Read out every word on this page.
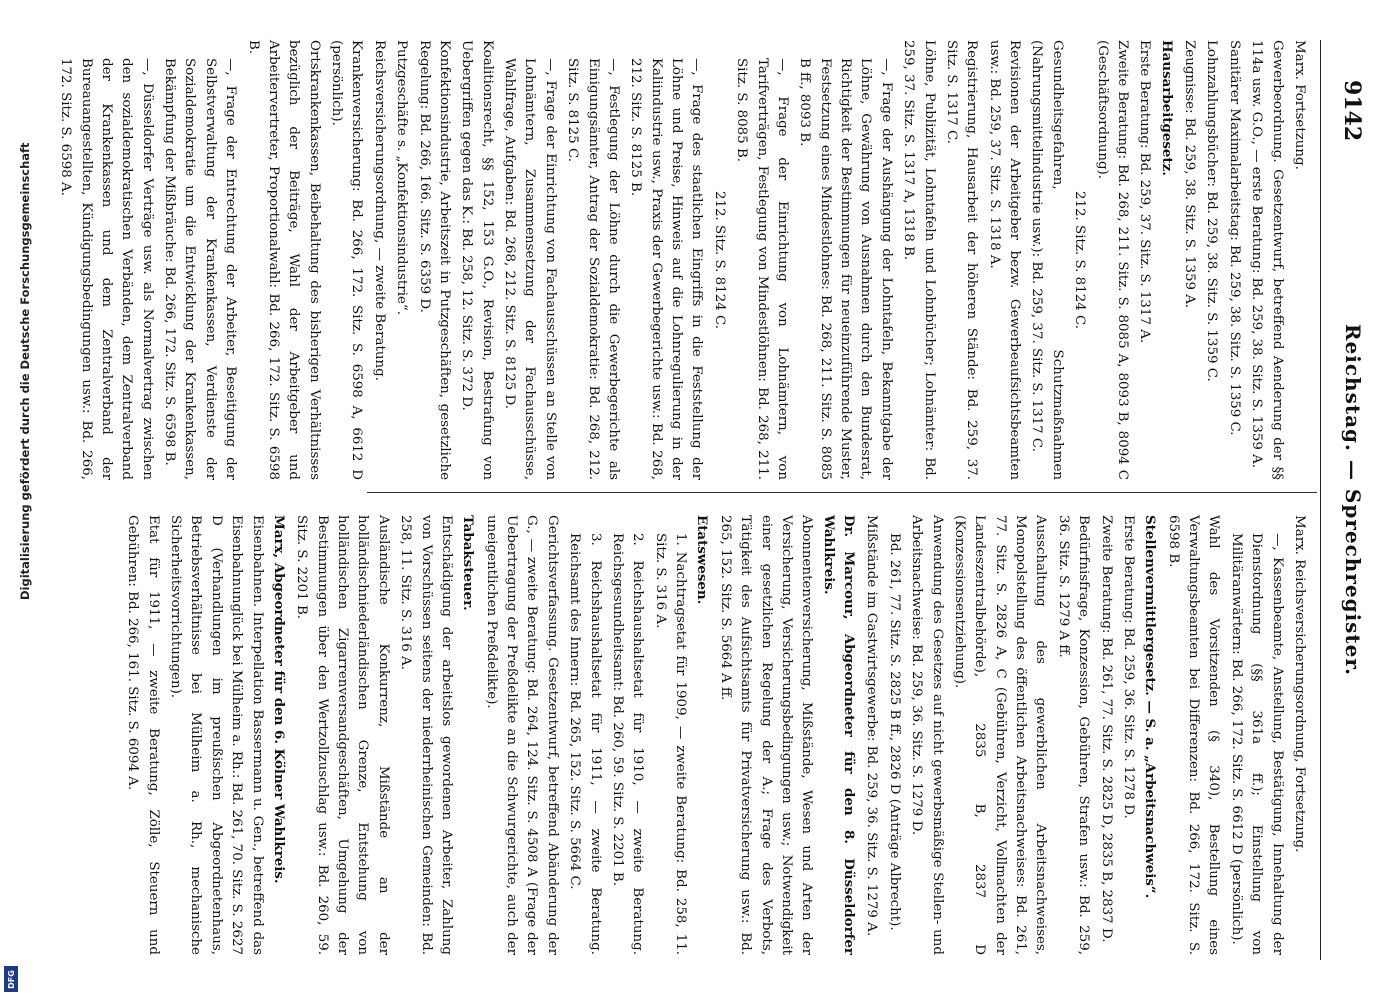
9142
Reichstag. — Sprechregister.

Marx. Fortsetzung.

Gewerbeordnung. Gesetzentwurf, betreffend Aenderung der §§ 114a usw. G.O., — erste Beratung: Bd. 259, 38. Sitz. S. 1359 A.

Sanitärer Maximalarbeitstag: Bd. 259, 38. Sitz. S. 1359 C.

Lohnzahlungsbücher: Bd. 259, 38. Sitz. S. 1359 C.

Zeugnisse: Bd. 259, 38. Sitz. S. 1359 A.

Hausarbeitgesetz.

Erste Beratung: Bd. 259, 37. Sitz. S. 1317 A.

Zweite Beratung: Bd. 268, 211. Sitz. S. 8085 A, 8093 B, 8094 C (Geschäftsordnung).

212. Sitz. S. 8124 C.

Gesundheitsgefahren, Schutzmaßnahmen (Nahrungsmittelindustrie usw.): Bd. 259, 37. Sitz. S. 1317 C.

Revisionen der Arbeitgeber bezw. Gewerbeaufsichtsbeamten usw.: Bd. 259, 37. Sitz. S. 1318 A.

Registrierung, Hausarbeit der höheren Stände: Bd. 259, 37. Sitz. S. 1317 C.

Löhne, Publizität, Lohntafeln und Lohnbücher; Lohnämter: Bd. 259, 37. Sitz. S. 1317 A, 1318 B.

—, Frage der Aushängung der Lohntafeln, Bekanntgabe der Löhne, Gewährung von Ausnahmen durch den Bundesrat, Richtigkeit der Bestimmungen für neueinzuführende Muster, Festsetzung eines Mindestlohnes: Bd. 268, 211. Sitz. S. 8085 B ff., 8093 B.

—, Frage der Einrichtung von Lohnämtern, von Tarifverträgen, Festlegung von Mindestlöhnen: Bd. 268, 211. Sitz. S. 8085 B.

212. Sitz. S. 8124 C.

—, Frage des staatlichen Eingriffs in die Feststellung der Löhne und Preise, Hinweis auf die Lohnregulierung in der Kaliindustrie usw., Praxis der Gewerbegerichte usw.: Bd. 268, 212. Sitz. S. 8125 B.

—, Festlegung der Löhne durch die Gewerbegerichte als Einigungsämter, Antrag der Sozialdemokratie: Bd. 268, 212. Sitz. S. 8125 C.

—, Frage der Einrichtung von Fachausschüssen an Stelle von Lohnämtern, Zusammensetzung der Fachausschüsse, Wahlfrage, Aufgaben: Bd. 268, 212. Sitz. S. 8125 D.

Koalitionsrecht, §§ 152, 153 G.O., Revision, Bestrafung von Uebergriffen gegen das K.: Bd. 258, 12. Sitz. S. 372 D.

Konfektionsindustrie, Arbeitszeit in Putzgeschäften, gesetzliche Regelung: Bd. 266, 166. Sitz. S. 6359 D.

Putzgeschäfte s. „Konfektionsindustrie“.

Reichsversicherungsordnung, — zweite Beratung.

Krankenversicherung: Bd. 266, 172. Sitz. S. 6598 A, 6612 D (persönlich).

Ortskrankenkassen, Beibehaltung des bisherigen Verhältnisses bezüglich der Beiträge, Wahl der Arbeitgeber und Arbeitervertreter, Proportionalwahl: Bd. 266, 172. Sitz. S. 6598 B.

—, Frage der Entrechtung der Arbeiter, Beseitigung der Selbstverwaltung der Krankenkassen, Verdienste der Sozialdemokratie um die Entwicklung der Krankenkassen, Bekämpfung der Mißbräuche: Bd. 266, 172. Sitz. S. 6598 B.

—, Düsseldorfer Verträge usw. als Normalvertrag zwischen den sozialdemokratischen Verbänden, dem Zentralverband der Krankenkassen und dem Zentralverband der Bureauangestellten, Kündigungsbedingungen usw.: Bd. 266, 172. Sitz. S. 6598 A.

Marx. Reichsversicherungsordnung, Fortsetzung.

—, Kassenbeamte, Anstellung, Bestätigung, Innehaltung der Dienstordnung (§§ 361a ff.); Einstellung von Militäranwärtern: Bd. 266, 172. Sitz. S. 6612 D (persönlich).

Wahl des Vorsitzenden (§ 340), Bestellung eines Verwaltungsbeamten bei Differenzen: Bd. 266, 172. Sitz. S. 6598 B.

Stellenvermittlergesetz. — S. a. „Arbeitsnachweis“.

Erste Beratung: Bd. 259, 36. Sitz. S. 1278 D.

Zweite Beratung: Bd. 261, 77. Sitz. S. 2825 D, 2835 B, 2837 D.

Bedürfnisfrage, Konzession, Gebühren, Strafen usw.: Bd. 259, 36. Sitz. S. 1279 A ff.

Ausschaltung des gewerblichen Arbeitsnachweises, Monopolstellung des öffentlichen Arbeitsnachweises: Bd. 261, 77. Sitz. S. 2826 A, C (Gebühren, Verzicht, Vollmachten der Landeszentralbehörde), 2835 B, 2837 D (Konzessionsentziehung).

Anwendung des Gesetzes auf nicht gewerbsmäßige Stellen- und Arbeitsnachweise: Bd. 259, 36. Sitz. S. 1279 D.

Bd. 261, 77. Sitz. S. 2825 B ff., 2826 D (Anträge Albrecht).

Mißstände im Gastwirtsgewerbe: Bd. 259, 36. Sitz. S. 1279 A.

Dr. Marcour, Abgeordneter für den 8. Düsseldorfer Wahlkreis.

Abonnentenversicherung, Mißstände, Wesen und Arten der Versicherung, Versicherungsbedingungen usw.; Notwendigkeit einer gesetzlichen Regelung der A.; Frage des Verbots, Tätigkeit des Aufsichtsamts für Privatversicherung usw.: Bd. 265, 152. Sitz. S. 5664 A ff.

Etatswesen.

1. Nachtragsetat für 1909, — zweite Beratung: Bd. 258, 11. Sitz. S. 316 A.

2. Reichshaushaltsetat für 1910, — zweite Beratung. Reichsgesundheitsamt: Bd. 260, 59. Sitz. S. 2201 B.

3. Reichshaushaltsetat für 1911, — zweite Beratung. Reichsamt des Innern: Bd. 265, 152. Sitz. S. 5664 C.

Gerichtsverfassung. Gesetzentwurf, betreffend Abänderung der G., — zweite Beratung: Bd. 264, 124. Sitz. S. 4508 A (Frage der Uebertragung der Preßdelikte an die Schwurgerichte, auch der uneigentlichen Preßdelikte).

Tabaksteuer.

Entschädigung der arbeitslos gewordenen Arbeiter, Zahlung von Vorschüssen seitens der niederrheinischen Gemeinden: Bd. 258, 11. Sitz. S. 316 A.

Ausländische Konkurrenz, Mißstände an der holländischniederländischen Grenze, Entstehung von holländischen Zigarrenversandgeschäften, Umgehung der Bestimmungen über den Wertzollzuschlag usw.: Bd. 260, 59. Sitz. S. 2201 B.

Marx, Abgeordneter für den 6. Kölner Wahlkreis.

Eisenbahnen. Interpellation Bassermann u. Gen., betreffend das Eisenbahnunglück bei Mülheim a. Rh.: Bd. 261, 70. Sitz. S. 2627 D (Verhandlungen im preußischen Abgeordnetenhaus, Betriebsverhältnisse bei Mülheim a. Rh., mechanische Sicherheitsvorrichtungen).

Etat für 1911, — zweite Beratung, Zölle, Steuern und Gebühren: Bd. 266, 161. Sitz. S. 6094 A.

Digitalisierung gefördert durch die Deutsche Forschungsgemeinschaft
DFG
